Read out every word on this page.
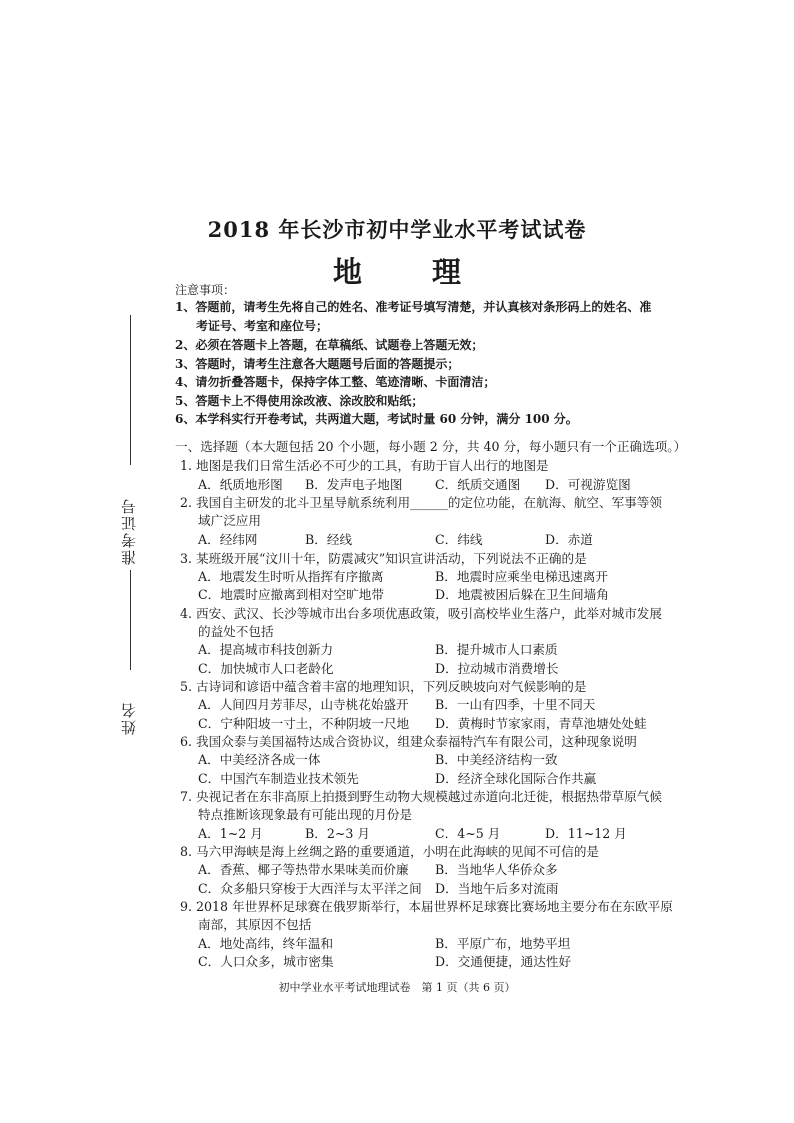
2018 年长沙市初中学业水平考试试卷
地 理
准考证号
姓名
注意事项：
1、答题前，请考生先将自己的姓名、准考证号填写清楚，并认真核对条形码上的姓名、准
考证号、考室和座位号；
2、必须在答题卡上答题，在草稿纸、试题卷上答题无效；
3、答题时，请考生注意各大题题号后面的答题提示；
4、请勿折叠答题卡，保持字体工整、笔迹清晰、卡面清洁；
5、答题卡上不得使用涂改液、涂改胶和贴纸；
6、本学科实行开卷考试，共两道大题，考试时量 60 分钟，满分 100 分。
一、选择题（本大题包括 20 个小题，每小题 2 分，共 40 分，每小题只有一个正确选项。）
1. 地图是我们日常生活必不可少的工具，有助于盲人出行的地图是
A．纸质地形图 B．发声电子地图	C．纸质交通图 D．可视游览图
2. 我国自主研发的北斗卫星导航系统利用______的定位功能，在航海、航空、军事等领
域广泛应用
A．经纬网	B．经线	C．纬线	D．赤道
3. 某班级开展“汶川十年，防震减灾”知识宣讲活动，下列说法不正确的是
A．地震发生时听从指挥有序撤离	B．地震时应乘坐电梯迅速离开
C．地震时应撤离到相对空旷地带	D．地震被困后躲在卫生间墙角
4. 西安、武汉、长沙等城市出台多项优惠政策，吸引高校毕业生落户，此举对城市发展
的益处不包括
A．提高城市科技创新力	B．提升城市人口素质
C．加快城市人口老龄化	D．拉动城市消费增长
5. 古诗词和谚语中蕴含着丰富的地理知识，下列反映坡向对气候影响的是
A．人间四月芳菲尽，山寺桃花始盛开 B．一山有四季，十里不同天
C．宁种阳坡一寸土，不种阴坡一尺地 D．黄梅时节家家雨，青草池塘处处蛙
6. 我国众泰与美国福特达成合资协议，组建众泰福特汽车有限公司，这种现象说明
A．中美经济各成一体	B．中美经济结构一致
C．中国汽车制造业技术领先	D．经济全球化国际合作共赢
7. 央视记者在东非高原上拍摄到野生动物大规模越过赤道向北迁徙，根据热带草原气候
特点推断该现象最有可能出现的月份是
A．1~2 月	B．2~3 月	C．4~5 月	D．11~12 月
8. 马六甲海峡是海上丝绸之路的重要通道，小明在此海峡的见闻不可信的是
A．香蕉、椰子等热带水果味美而价廉 B．当地华人华侨众多
C．众多船只穿梭于大西洋与太平洋之间 D．当地午后多对流雨
9. 2018 年世界杯足球赛在俄罗斯举行，本届世界杯足球赛比赛场地主要分布在东欧平原
南部，其原因不包括
A．地处高纬，终年温和	B．平原广布，地势平坦
C．人口众多，城市密集	D．交通便捷，通达性好
初中学业水平考试地理试卷　第 1 页（共 6 页）
